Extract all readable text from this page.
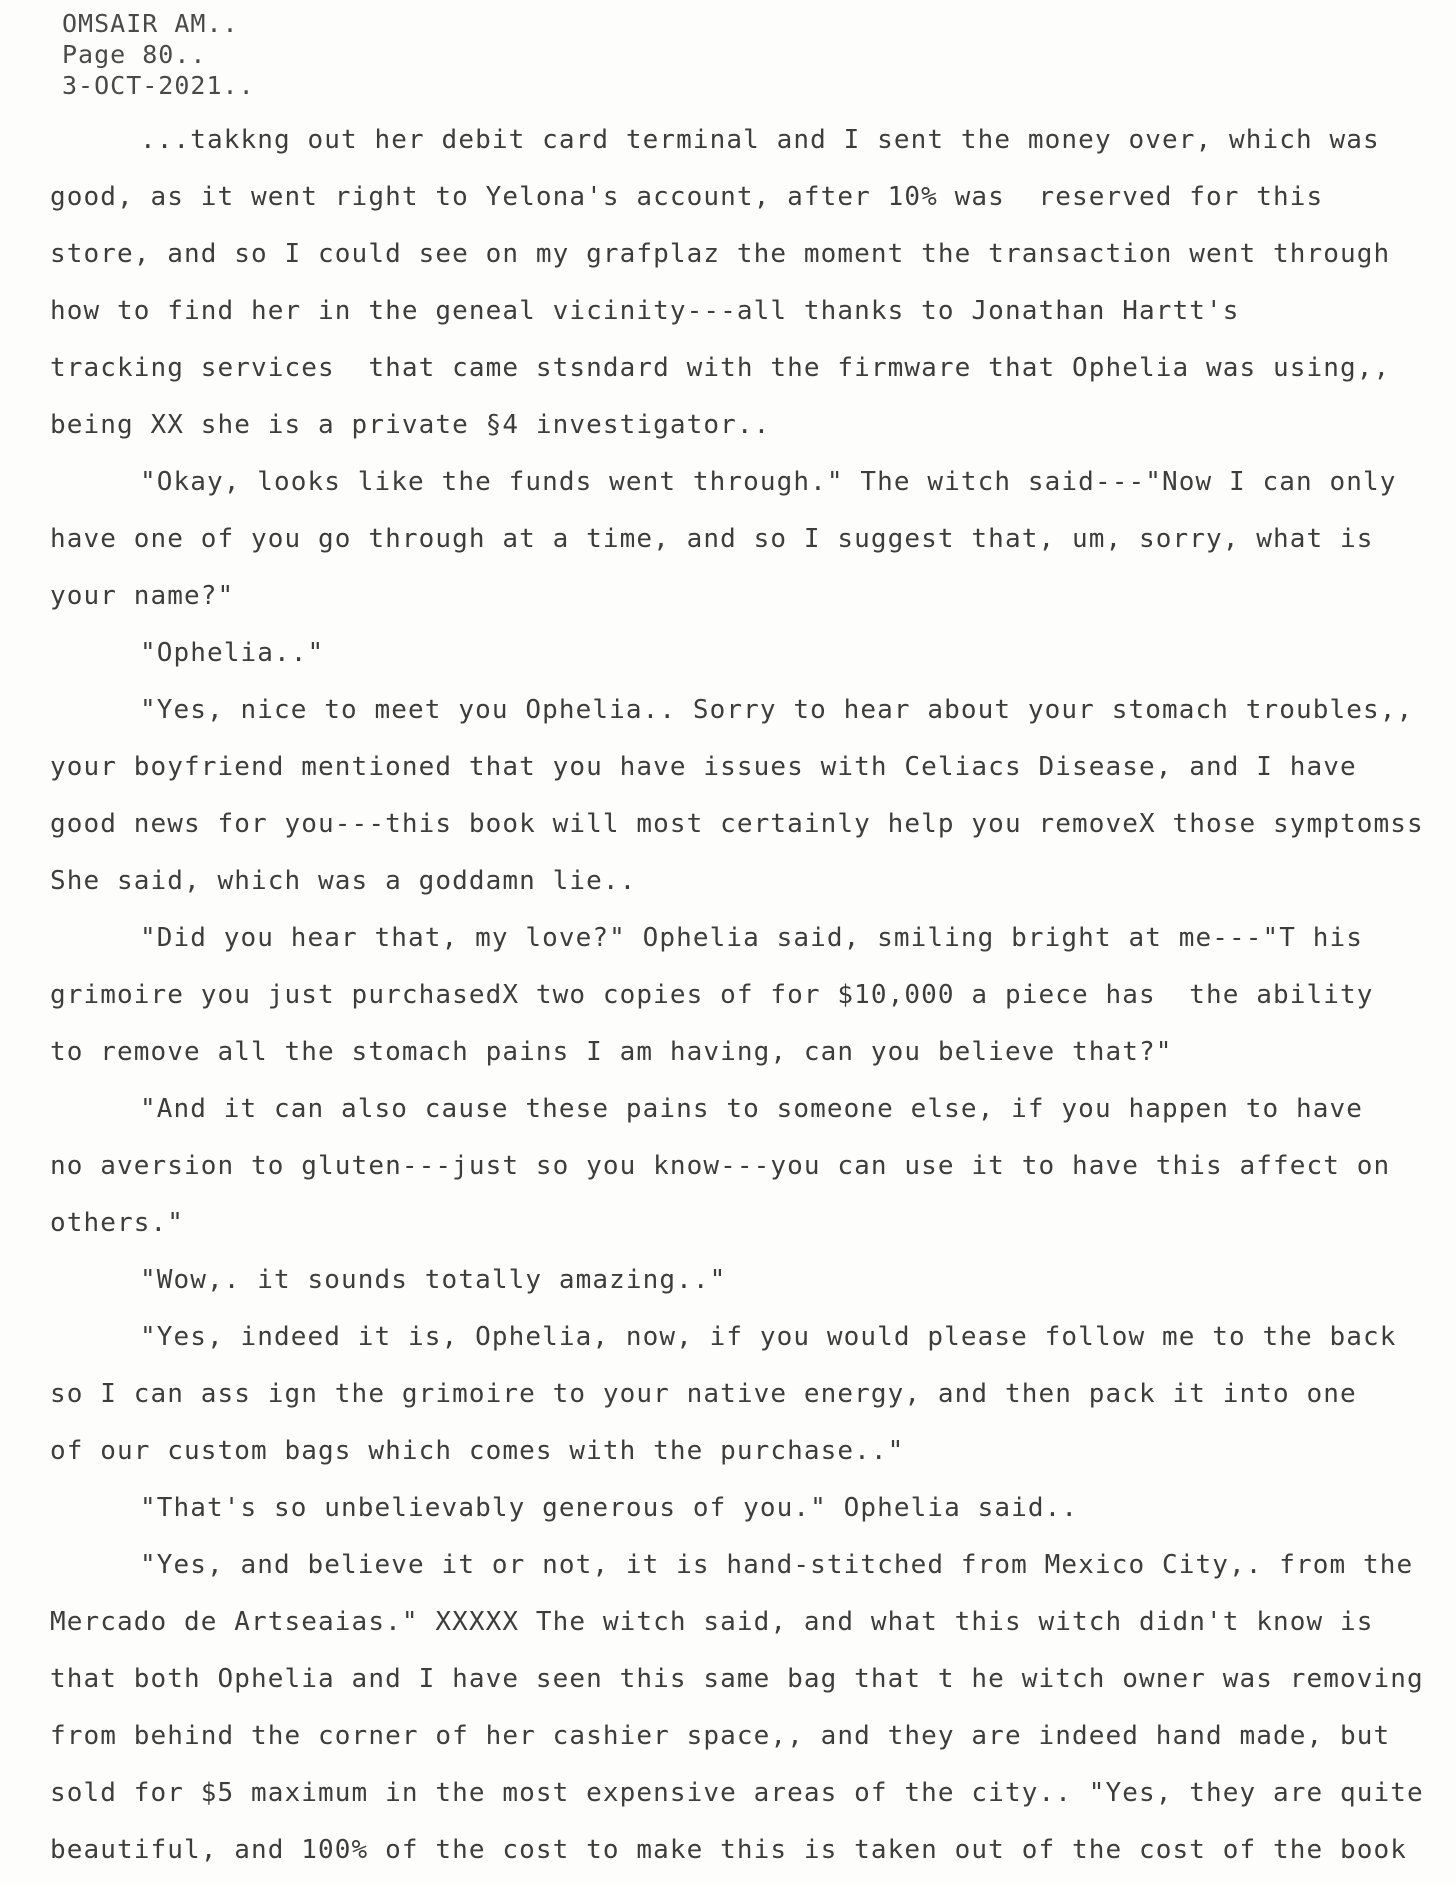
OMSAIR AM..
Page 80..
3-OCT-2021..
...takkng out her debit card terminal and I sent the money over, which was
good, as it went right to Yelona's account, after 10% was  reserved for this
store, and so I could see on my grafplaz the moment the transaction went through
how to find her in the geneal vicinity---all thanks to Jonathan Hartt's
tracking services  that came stsndard with the firmware that Ophelia was using,,
being XX she is a private §4 investigator..
"Okay, looks like the funds went through." The witch said---"Now I can only
have one of you go through at a time, and so I suggest that, um, sorry, what is
your name?"
"Ophelia.."
"Yes, nice to meet you Ophelia.. Sorry to hear about your stomach troubles,,
your boyfriend mentioned that you have issues with Celiacs Disease, and I have
good news for you---this book will most certainly help you removeX those symptomss
She said, which was a goddamn lie..
"Did you hear that, my love?" Ophelia said, smiling bright at me---"T his
grimoire you just purchasedX two copies of for $10,000 a piece has  the ability
to remove all the stomach pains I am having, can you believe that?"
"And it can also cause these pains to someone else, if you happen to have
no aversion to gluten---just so you know---you can use it to have this affect on
others."
"Wow,. it sounds totally amazing.."
"Yes, indeed it is, Ophelia, now, if you would please follow me to the back
so I can ass ign the grimoire to your native energy, and then pack it into one
of our custom bags which comes with the purchase.."
"That's so unbelievably generous of you." Ophelia said..
"Yes, and believe it or not, it is hand-stitched from Mexico City,. from the
Mercado de Artseaias." XXXXX The witch said, and what this witch didn't know is
that both Ophelia and I have seen this same bag that t he witch owner was removing
from behind the corner of her cashier space,, and they are indeed hand made, but
sold for $5 maximum in the most expensive areas of the city.. "Yes, they are quite
beautiful, and 100% of the cost to make this is taken out of the cost of the book
